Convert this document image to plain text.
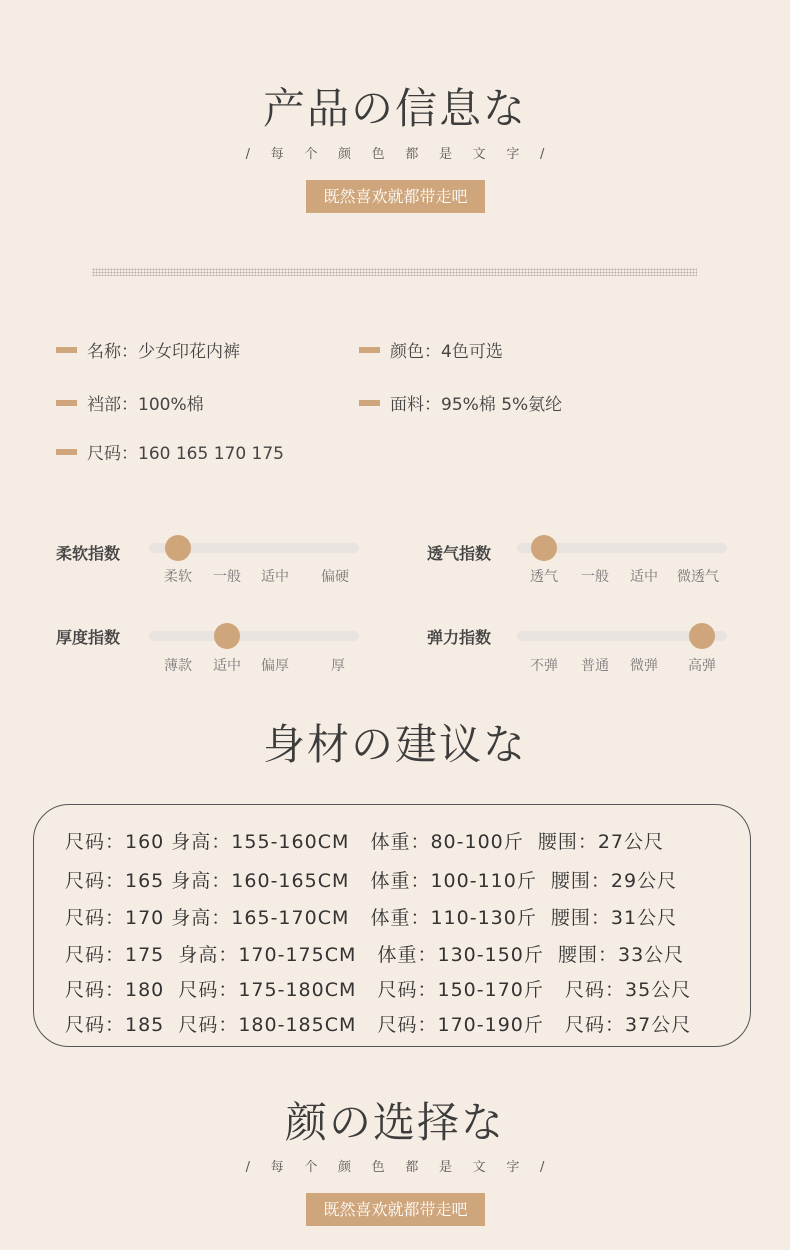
产品の信息な
/     每     个     颜     色     都     是     文     字     /
既然喜欢就都带走吧
名称：少女印花内裤	颜色：4色可选
裆部：100%棉	面料：95%棉 5%氨纶
尺码：160 165 170 175
柔软指数
柔软 一般 适中 偏硬
透气指数
透气 一般 适中 微透气
厚度指数
薄款 适中 偏厚	厚
弹力指数
不弹 普通 微弹 高弹
身材の建议な
尺码：160 身高：155-160CM   体重：80-100斤  腰围：27公尺
尺码：165 身高：160-165CM   体重：100-110斤  腰围：29公尺
尺码：170 身高：165-170CM   体重：110-130斤  腰围：31公尺
尺码：175  身高：170-175CM   体重：130-150斤  腰围：33公尺
尺码：180  尺码：175-180CM   尺码：150-170斤   尺码：35公尺
尺码：185  尺码：180-185CM   尺码：170-190斤   尺码：37公尺
颜の选择な
/     每     个     颜     色     都     是     文     字     /
既然喜欢就都带走吧
